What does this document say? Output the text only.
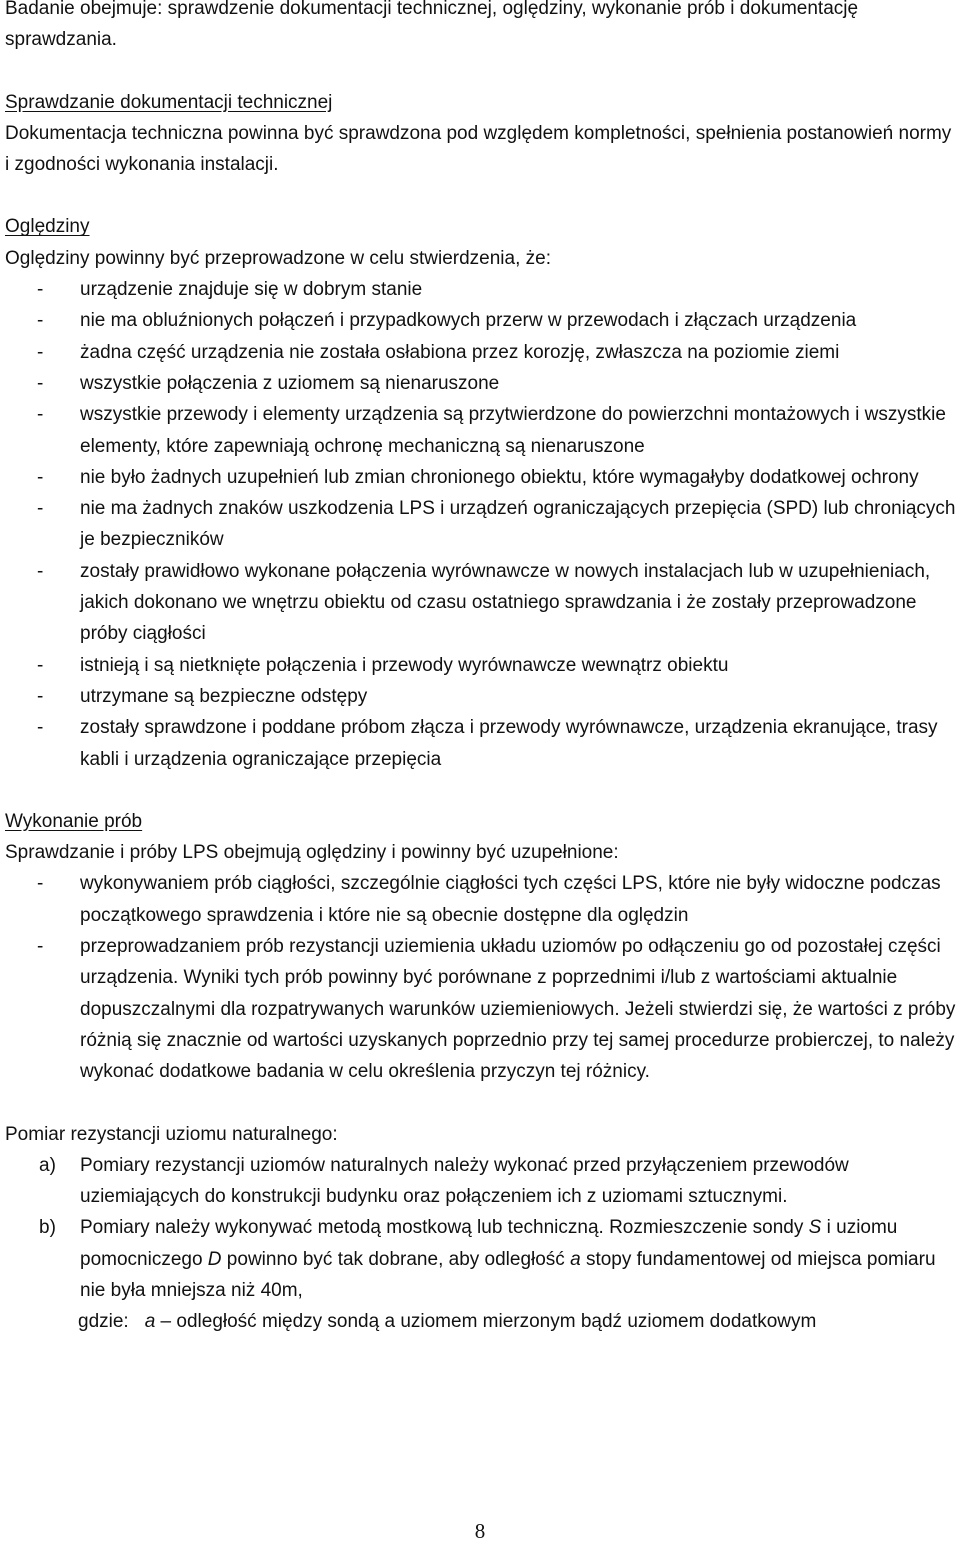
Badanie obejmuje: sprawdzenie dokumentacji technicznej, oględziny, wykonanie prób i dokumentację sprawdzania.

Sprawdzanie dokumentacji technicznej

Dokumentacja techniczna powinna być sprawdzona pod względem kompletności, spełnienia postanowień normy i zgodności wykonania instalacji.

Oględziny

Oględziny powinny być przeprowadzone w celu stwierdzenia, że:

- urządzenie znajduje się w dobrym stanie
- nie ma obluźnionych połączeń i przypadkowych przerw w przewodach i złączach urządzenia
- żadna część urządzenia nie została osłabiona przez korozję, zwłaszcza na poziomie ziemi
- wszystkie połączenia z uziomem są nienaruszone
- wszystkie przewody i elementy urządzenia są przytwierdzone do powierzchni montażowych i wszystkie elementy, które zapewniają ochronę mechaniczną są nienaruszone
- nie było żadnych uzupełnień lub zmian chronionego obiektu, które wymagałyby dodatkowej ochrony
- nie ma żadnych znaków uszkodzenia LPS i urządzeń ograniczających przepięcia (SPD) lub chroniących je bezpieczników
- zostały prawidłowo wykonane połączenia wyrównawcze w nowych instalacjach lub w uzupełnieniach, jakich dokonano we wnętrzu obiektu od czasu ostatniego sprawdzania i że zostały przeprowadzone próby ciągłości
- istnieją i są nietknięte połączenia i przewody wyrównawcze wewnątrz obiektu
- utrzymane są bezpieczne odstępy
- zostały sprawdzone i poddane próbom złącza i przewody wyrównawcze, urządzenia ekranujące, trasy kabli i urządzenia ograniczające przepięcia

Wykonanie prób

Sprawdzanie i próby LPS obejmują oględziny i powinny być uzupełnione:

- wykonywaniem prób ciągłości, szczególnie ciągłości tych części LPS, które nie były widoczne podczas początkowego sprawdzenia i które nie są obecnie dostępne dla oględzin
- przeprowadzaniem prób rezystancji uziemienia układu uziomów po odłączeniu go od pozostałej części urządzenia. Wyniki tych prób powinny być porównane z poprzednimi i/lub z wartościami aktualnie dopuszczalnymi dla rozpatrywanych warunków uziemieniowych. Jeżeli stwierdzi się, że wartości z próby różnią się znacznie od wartości uzyskanych poprzednio przy tej samej procedurze probierczej, to należy wykonać dodatkowe badania w celu określenia przyczyn tej różnicy.

Pomiar rezystancji uziomu naturalnego:

a) Pomiary rezystancji uziomów naturalnych należy wykonać przed przyłączeniem przewodów uziemiających do konstrukcji budynku oraz połączeniem ich z uziomami sztucznymi.
b) Pomiary należy wykonywać metodą mostkową lub techniczną. Rozmieszczenie sondy S i uziomu pomocniczego D powinno być tak dobrane, aby odległość a stopy fundamentowej od miejsca pomiaru nie była mniejsza niż 40m,

gdzie: a – odległość między sondą a uziomem mierzonym bądź uziomem dodatkowym

8
